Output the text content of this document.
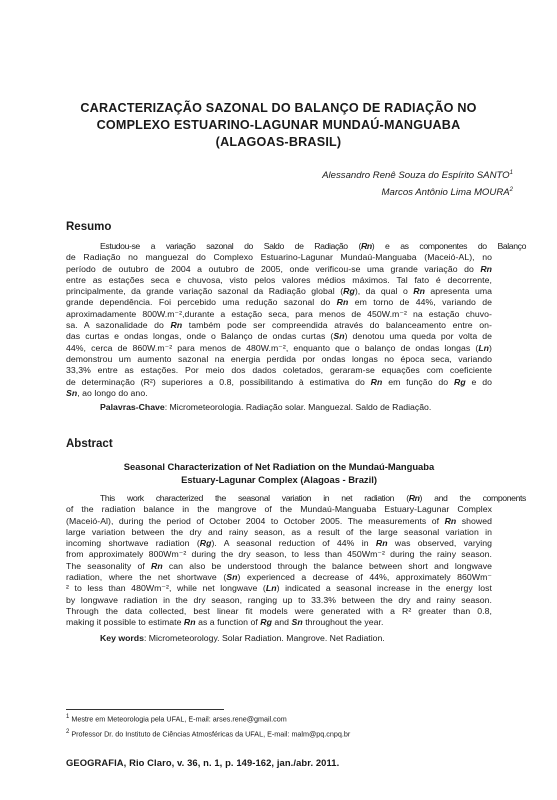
CARACTERIZAÇÃO SAZONAL DO BALANÇO DE RADIAÇÃO NO
COMPLEXO ESTUARINO-LAGUNAR MUNDAÚ-MANGUABA
(ALAGOAS-BRASIL)
Alessandro Renê Souza do Espírito SANTO$^1$
Marcos Antônio Lima MOURA$^2$
Resumo
Estudou-se a variação sazonal do Saldo de Radiação (Rn) e as componentes do Balanço
de Radiação no manguezal do Complexo Estuarino-Lagunar Mundaú-Manguaba (Maceió-AL), no
período de outubro de 2004 a outubro de 2005, onde verificou-se uma grande variação do Rn
entre as estações seca e chuvosa, visto pelos valores médios máximos. Tal fato é decorrente,
principalmente, da grande variação sazonal da Radiação global (Rg), da qual o Rn apresenta uma
grande dependência. Foi percebido uma redução sazonal do Rn em torno de 44%, variando de
aproximadamente 800W.m⁻²,durante a estação seca, para menos de 450W.m⁻² na estação chuvo-
sa. A sazonalidade do Rn também pode ser compreendida através do balanceamento entre on-
das curtas e ondas longas, onde o Balanço de ondas curtas (Sn) denotou uma queda por volta de
44%, cerca de 860W.m⁻² para menos de 480W.m⁻², enquanto que o balanço de ondas longas (Ln)
demonstrou um aumento sazonal na energia perdida por ondas longas no época seca, variando
33,3% entre as estações. Por meio dos dados coletados, geraram-se equações com coeficiente
de determinação (R²) superiores a 0.8, possibilitando à estimativa do Rn em função do Rg e do
Sn, ao longo do ano.
Palavras-Chave: Micrometeorologia. Radiação solar. Manguezal. Saldo de Radiação.
Abstract
Seasonal Characterization of Net Radiation on the Mundaú-Manguaba
Estuary-Lagunar Complex (Alagoas - Brazil)
This work characterized the seasonal variation in net radiation (Rn) and the components
of the radiation balance in the mangrove of the Mundaú-Manguaba Estuary-Lagunar Complex
(Maceió-Al), during the period of October 2004 to October 2005. The measurements of Rn showed
large variation between the dry and rainy season, as a result of the large seasonal variation in
incoming shortwave radiation (Rg). A seasonal reduction of 44% in Rn was observed, varying
from approximately 800Wm⁻² during the dry season, to less than 450Wm⁻² during the rainy season.
The seasonality of Rn can also be understood through the balance between short and longwave
radiation, where the net shortwave (Sn) experienced a decrease of 44%, approximately 860Wm⁻
² to less than 480Wm⁻², while net longwave (Ln) indicated a seasonal increase in the energy lost
by longwave radiation in the dry season, ranging up to 33.3% between the dry and rainy season.
Through the data collected, best linear fit models were generated with a R² greater than 0.8,
making it possible to estimate Rn as a function of Rg and Sn throughout the year.
Key words: Micrometeorology. Solar Radiation. Mangrove. Net Radiation.
$^1$ Mestre em Meteorologia pela UFAL, E-mail: arses.rene@gmail.com
$^2$ Professor Dr. do Instituto de Ciências Atmosféricas da UFAL, E-mail: malm@pq.cnpq.br
GEOGRAFIA, Rio Claro, v. 36, n. 1, p. 149-162, jan./abr. 2011.
